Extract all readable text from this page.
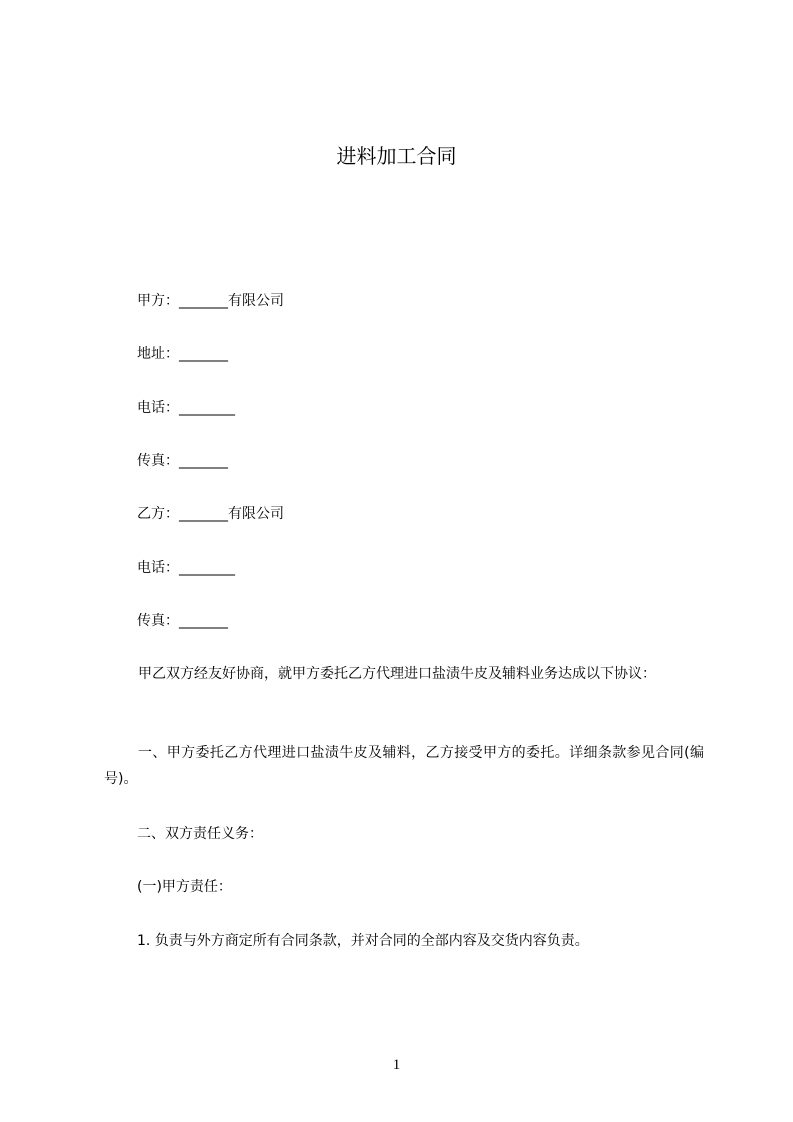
进料加工合同
甲方：_______有限公司
地址：_______
电话：________
传真：_______
乙方：_______有限公司
电话：________
传真：_______
甲乙双方经友好协商，就甲方委托乙方代理进口盐渍牛皮及辅料业务达成以下协议：
一、甲方委托乙方代理进口盐渍牛皮及辅料，乙方接受甲方的委托。详细条款参见合同(编号)。
二、双方责任义务：
(一)甲方责任：
1. 负责与外方商定所有合同条款，并对合同的全部内容及交货内容负责。
1
